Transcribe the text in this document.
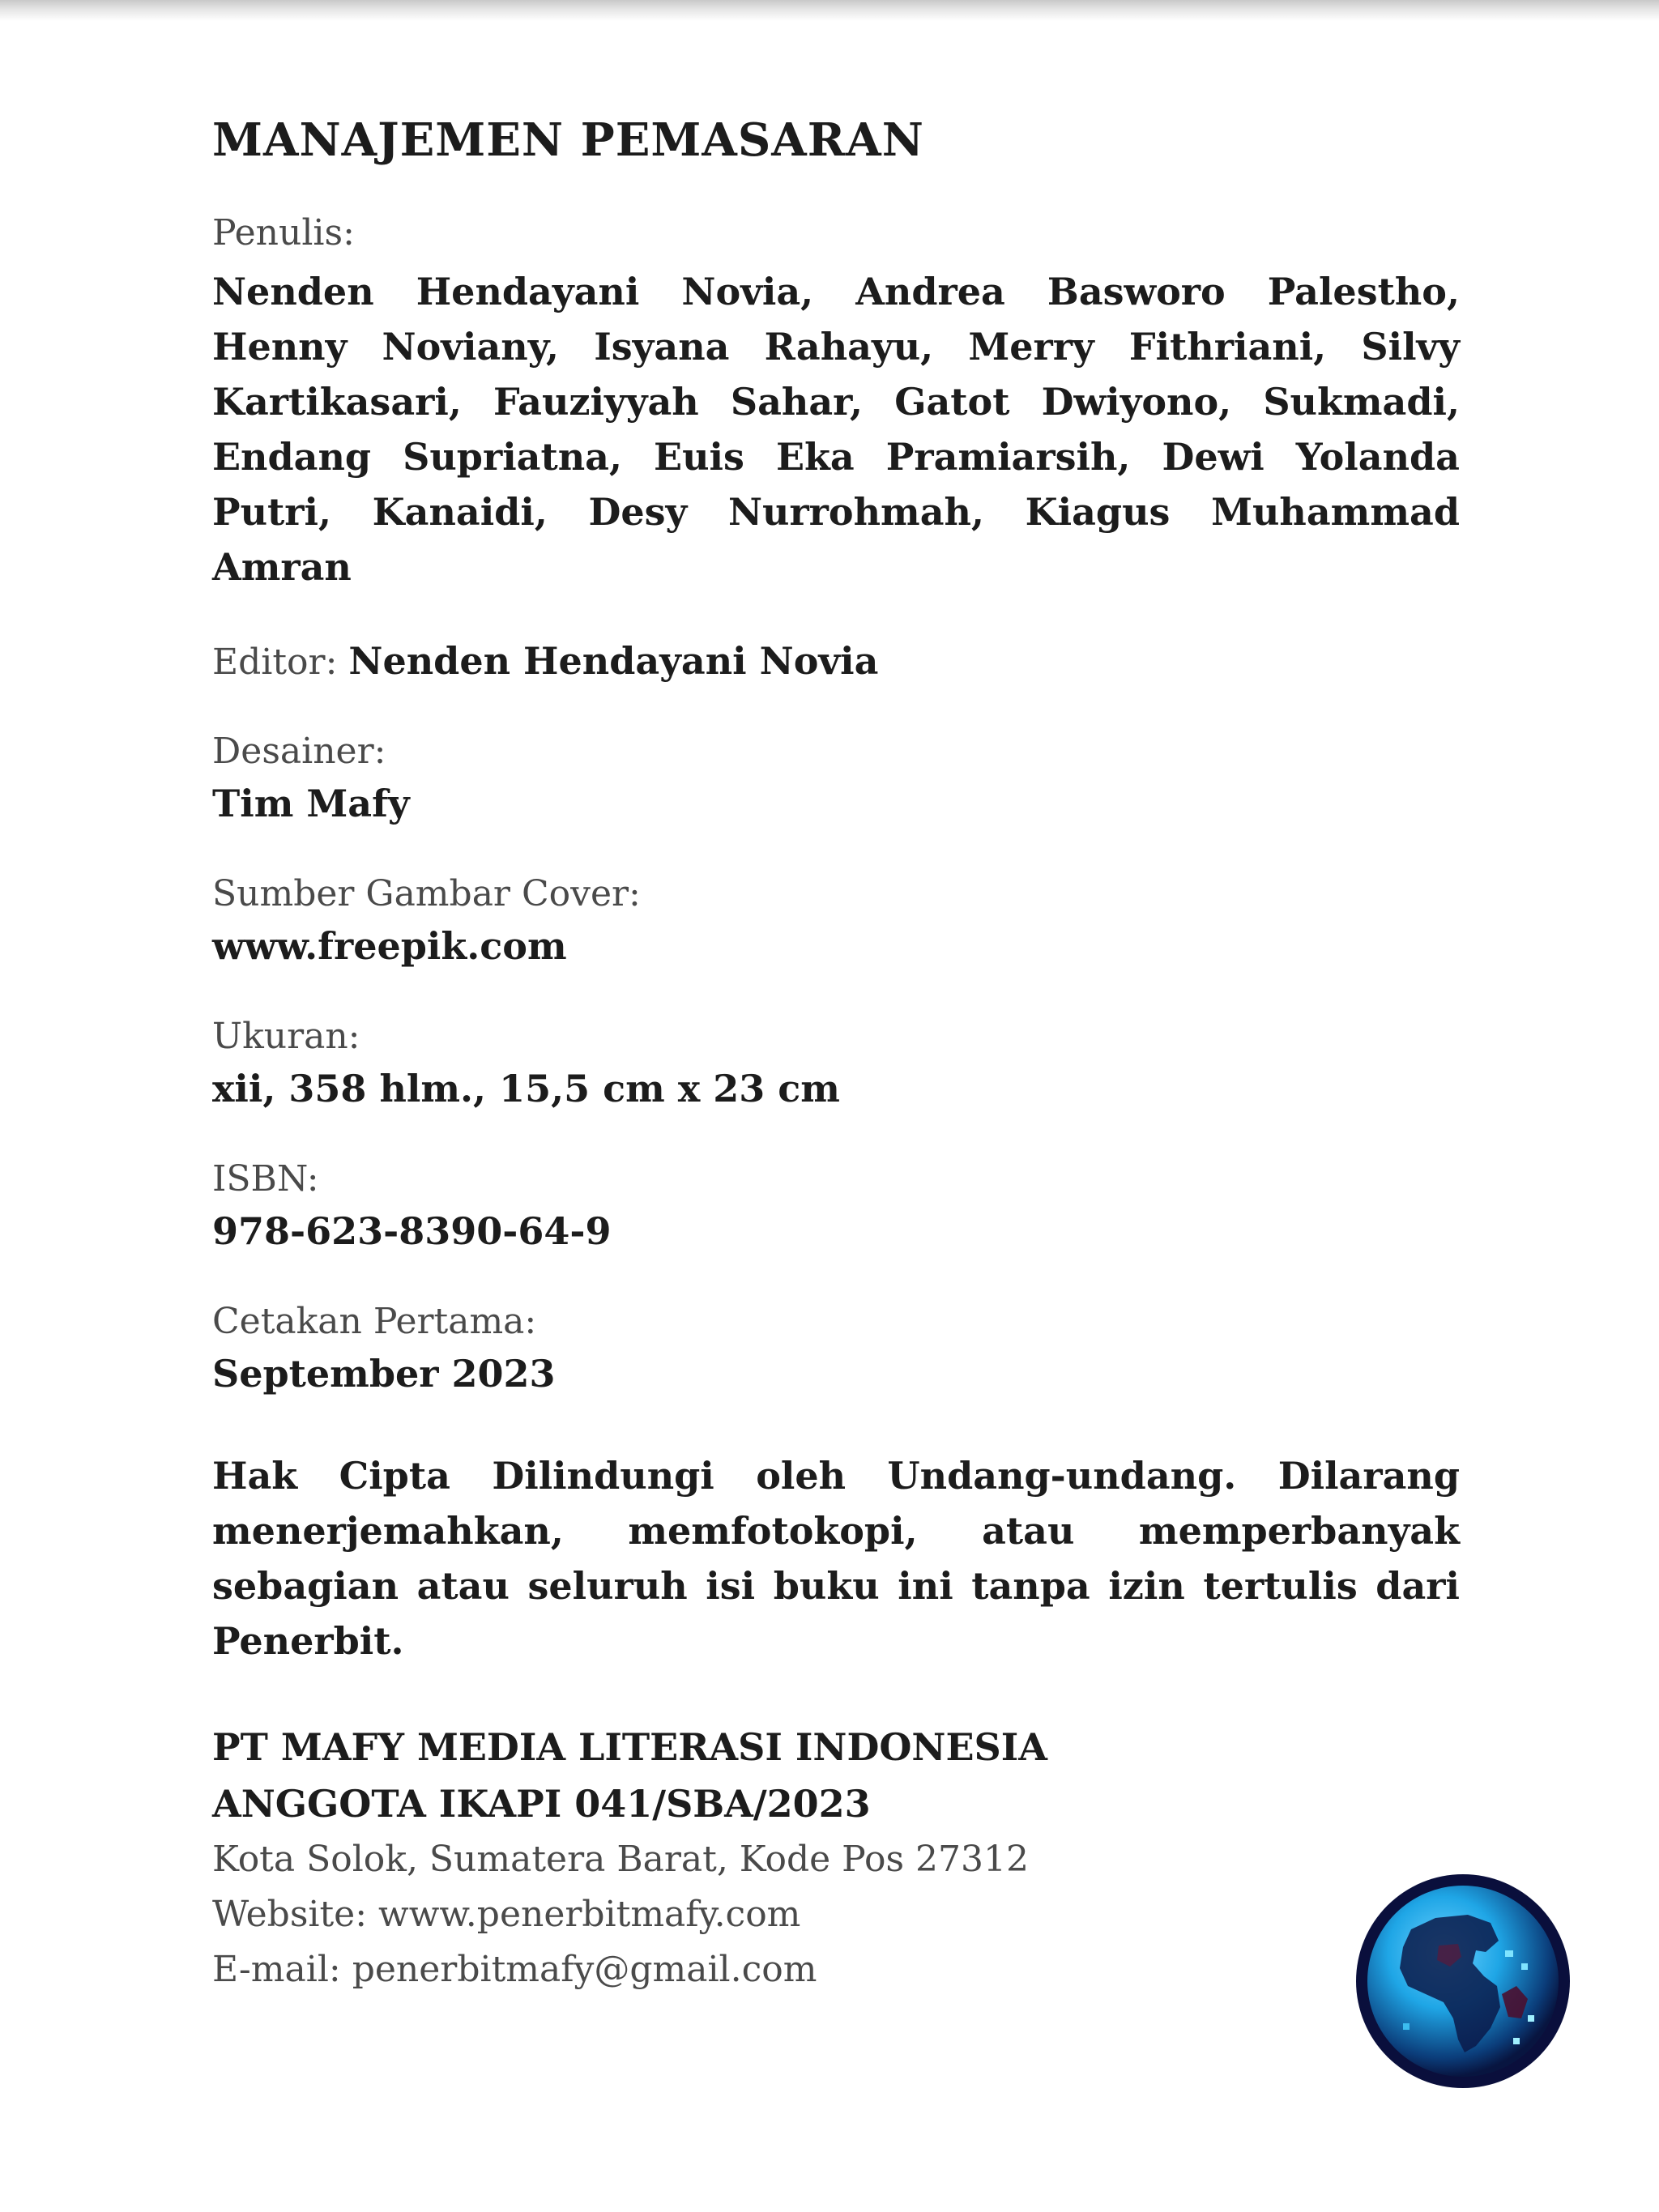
MANAJEMEN PEMASARAN

Penulis:

Nenden Hendayani Novia, Andrea Basworo Palestho, Henny Noviany, Isyana Rahayu, Merry Fithriani, Silvy Kartikasari, Fauziyyah Sahar, Gatot Dwiyono, Sukmadi, Endang Supriatna, Euis Eka Pramiarsih, Dewi Yolanda Putri, Kanaidi, Desy Nurrohmah, Kiagus Muhammad Amran

Editor: Nenden Hendayani Novia

Desainer:

Tim Mafy

Sumber Gambar Cover:

www.freepik.com

Ukuran:

xii, 358 hlm., 15,5 cm x 23 cm

ISBN:

978-623-8390-64-9

Cetakan Pertama:

September 2023

Hak Cipta Dilindungi oleh Undang-undang. Dilarang menerjemahkan, memfotokopi, atau memperbanyak sebagian atau seluruh isi buku ini tanpa izin tertulis dari Penerbit.

PT MAFY MEDIA LITERASI INDONESIA

ANGGOTA IKAPI 041/SBA/2023

Kota Solok, Sumatera Barat, Kode Pos 27312

Website: www.penerbitmafy.com

E-mail: penerbitmafy@gmail.com
